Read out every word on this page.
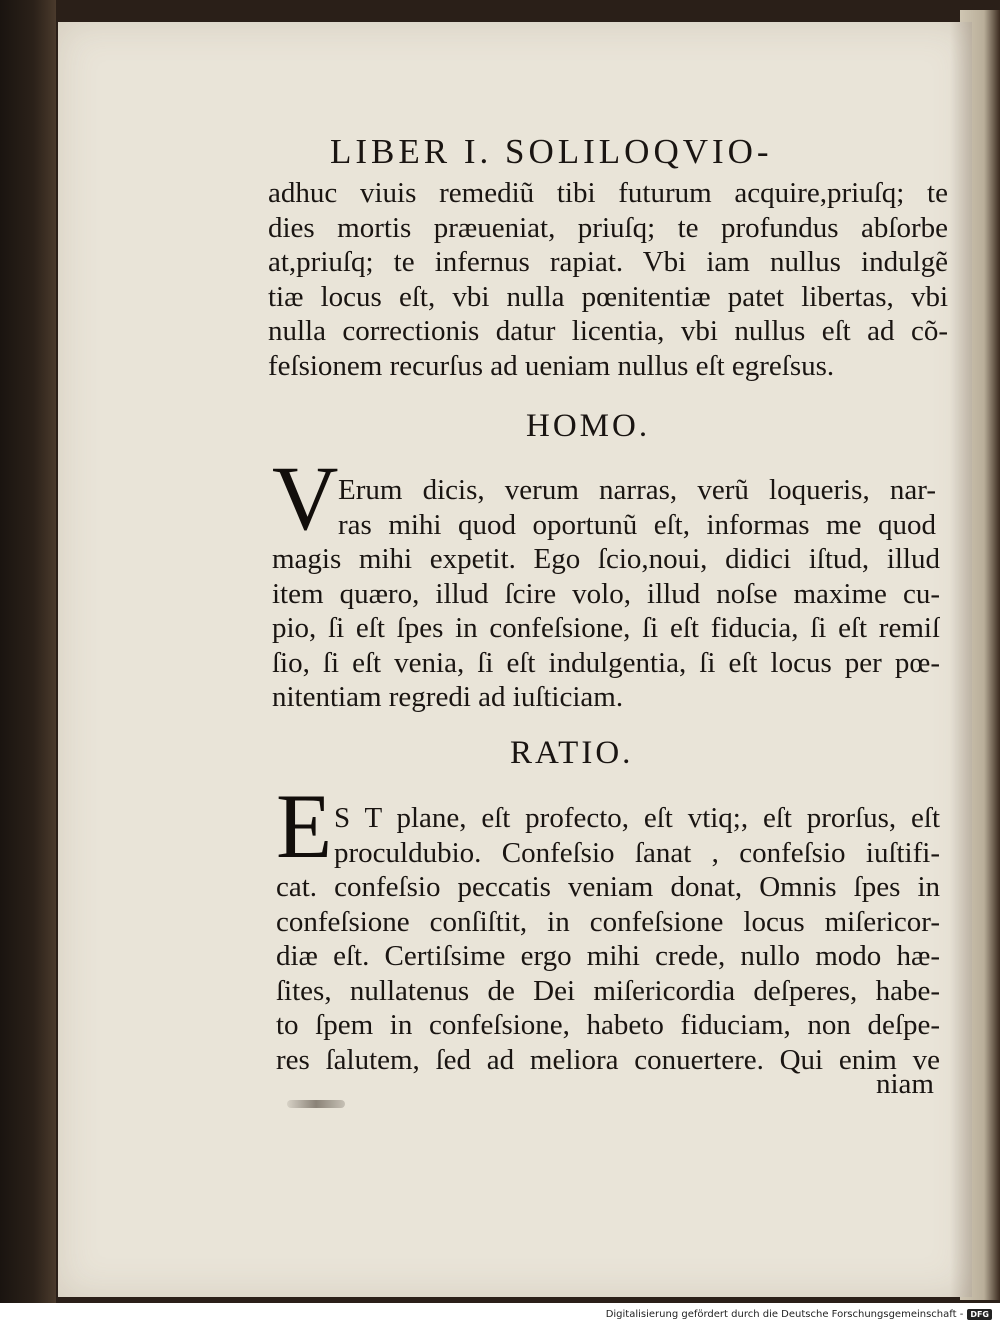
LIBER I. SOLILOQVIO-
adhuc viuis remediũ tibi futurum acquire,priuſq; te
dies mortis præueniat, priuſq; te profundus abſorbe
at,priuſq; te infernus rapiat. Vbi iam nullus indulgẽ
tiæ locus eſt, vbi nulla pœnitentiæ patet libertas, vbi
nulla correctionis datur licentia, vbi nullus eſt ad cõ-
feſsionem recurſus ad ueniam nullus eſt egreſsus.
HOMO.
V Erum dicis, verum narras, verũ loqueris, nar-
ras mihi quod oportunũ eſt, informas me quod
magis mihi expetit. Ego ſcio,noui, didici iſtud, illud
item quæro, illud ſcire volo, illud noſse maxime cu-
pio, ſi eſt ſpes in confeſsione, ſi eſt fiducia, ſi eſt remiſ
ſio, ſi eſt venia, ſi eſt indulgentia, ſi eſt locus per pœ-
nitentiam regredi ad iuſticiam.
RATIO.
E S T plane, eſt profecto, eſt vtiq;, eſt prorſus, eſt
proculdubio. Confeſsio ſanat , confeſsio iuſtifi-
cat. confeſsio peccatis veniam donat, Omnis ſpes in
confeſsione conſiſtit, in confeſsione locus miſericor-
diæ eſt. Certiſsime ergo mihi crede, nullo modo hæ-
ſites, nullatenus de Dei miſericordia deſperes, habe-
to ſpem in confeſsione, habeto fiduciam, non deſpe-
res ſalutem, ſed ad meliora conuertere. Qui enim ve
niam
Digitalisierung gefördert durch die Deutsche Forschungsgemeinschaft - DFG
